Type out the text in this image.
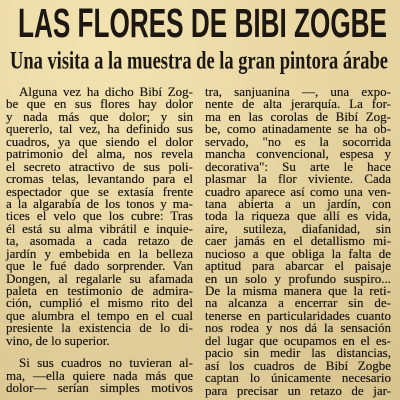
LAS FLORES DE BIBI ZOGBE
Una visita a la muestra de la gran pintora árabe
Alguna vez ha dicho Bibí Zog-
be que en sus flores hay dolor
y nada más que dolor; y sin
quererlo, tal vez, ha definido sus
cuadros, ya que siendo el dolor
patrimonio del alma, nos revela
el secreto atractivo de sus poli-
cromas telas, levantando para el
espectador que se extasía frente
a la algarabía de los tonos y ma-
tices el velo que los cubre: Tras
él está su alma vibrátil e inquie-
ta, asomada a cada retazo de
jardín y embebida en la belleza
que le fué dado sorprender. Van
Dongen, al regalarle su afamada
paleta en testimonio de admira-
ción, cumplió el mismo rito del
que alumbra el tempo en el cual
presiente la existencia de lo di-
vino, de lo superior.
Si sus cuadros no tuvieran al-
ma, —ella quiere nada más que
dolor— serían simples motivos
tra, sanjuanina —, una expo-
nente de alta jerarquía. La for-
ma en las corolas de Bibí Zog-
be, como atinadamente se ha ob-
servado, "no es la socorrida
mancha convencional, espesa y
decorativa": Su arte le hace
plasmar la flor viviente. Cada
cuadro aparece así como una ven-
tana abierta a un jardín, con
toda la riqueza que allí es vida,
aire, sutileza, diafanidad, sin
caer jamás en el detallismo mi-
nucioso a que obliga la falta de
aptitud para abarcar el paisaje
en un solo y profundo suspiro...
De la misma manera que la reti-
na alcanza a encerrar sin de-
tenerse en particularidades cuanto
nos rodea y nos dá la sensación
del lugar que ocupamos en el es-
pacio sin medir las distancias,
así los cuadros de Bibí Zogbe
captan lo únicamente necesario
para precisar un retazo de jar-
